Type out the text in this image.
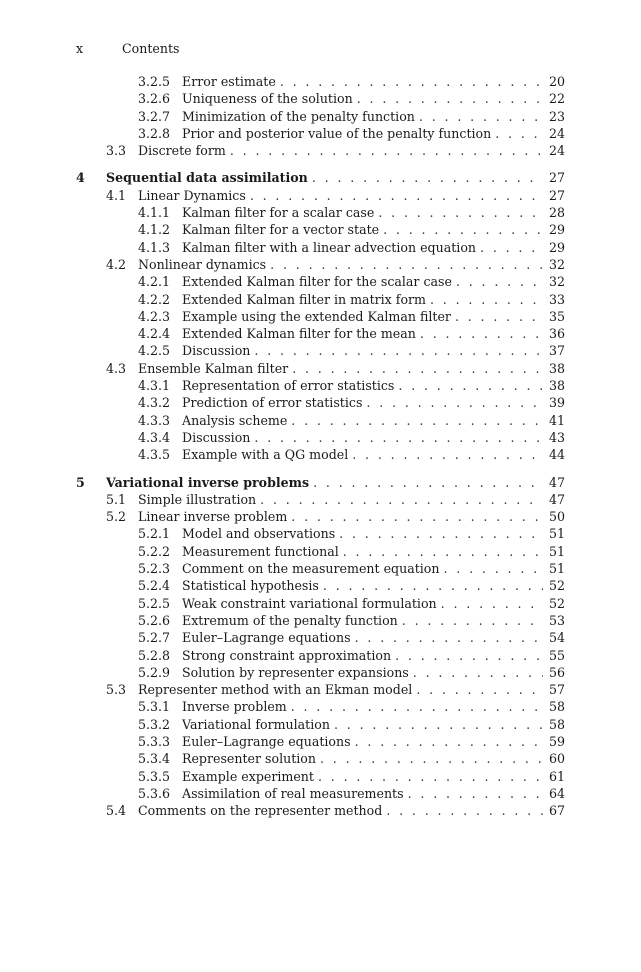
x	Contents
3.2.5 Error estimate . . .	20
3.2.6 Uniqueness of the solution . . .	22
3.2.7 Minimization of the penalty function . . .	23
3.2.8 Prior and posterior value of the penalty function . . .	24
3.3 Discrete form . . .	24
4 Sequential data assimilation . . .	27
4.1 Linear Dynamics . . .	27
4.1.1 Kalman filter for a scalar case . . .	28
4.1.2 Kalman filter for a vector state . . .	29
4.1.3 Kalman filter with a linear advection equation . . .	29
4.2 Nonlinear dynamics . . .	32
4.2.1 Extended Kalman filter for the scalar case . . .	32
4.2.2 Extended Kalman filter in matrix form . . .	33
4.2.3 Example using the extended Kalman filter . . .	35
4.2.4 Extended Kalman filter for the mean . . .	36
4.2.5 Discussion . . .	37
4.3 Ensemble Kalman filter . . .	38
4.3.1 Representation of error statistics . . .	38
4.3.2 Prediction of error statistics . . .	39
4.3.3 Analysis scheme . . .	41
4.3.4 Discussion . . .	43
4.3.5 Example with a QG model . . .	44
5 Variational inverse problems . . .	47
5.1 Simple illustration . . .	47
5.2 Linear inverse problem . . .	50
5.2.1 Model and observations . . .	51
5.2.2 Measurement functional . . .	51
5.2.3 Comment on the measurement equation . . .	51
5.2.4 Statistical hypothesis . . .	52
5.2.5 Weak constraint variational formulation . . .	52
5.2.6 Extremum of the penalty function . . .	53
5.2.7 Euler–Lagrange equations . . .	54
5.2.8 Strong constraint approximation . . .	55
5.2.9 Solution by representer expansions . . .	56
5.3 Representer method with an Ekman model . . .	57
5.3.1 Inverse problem . . .	58
5.3.2 Variational formulation . . .	58
5.3.3 Euler–Lagrange equations . . .	59
5.3.4 Representer solution . . .	60
5.3.5 Example experiment . . .	61
5.3.6 Assimilation of real measurements . . .	64
5.4 Comments on the representer method . . .	67
